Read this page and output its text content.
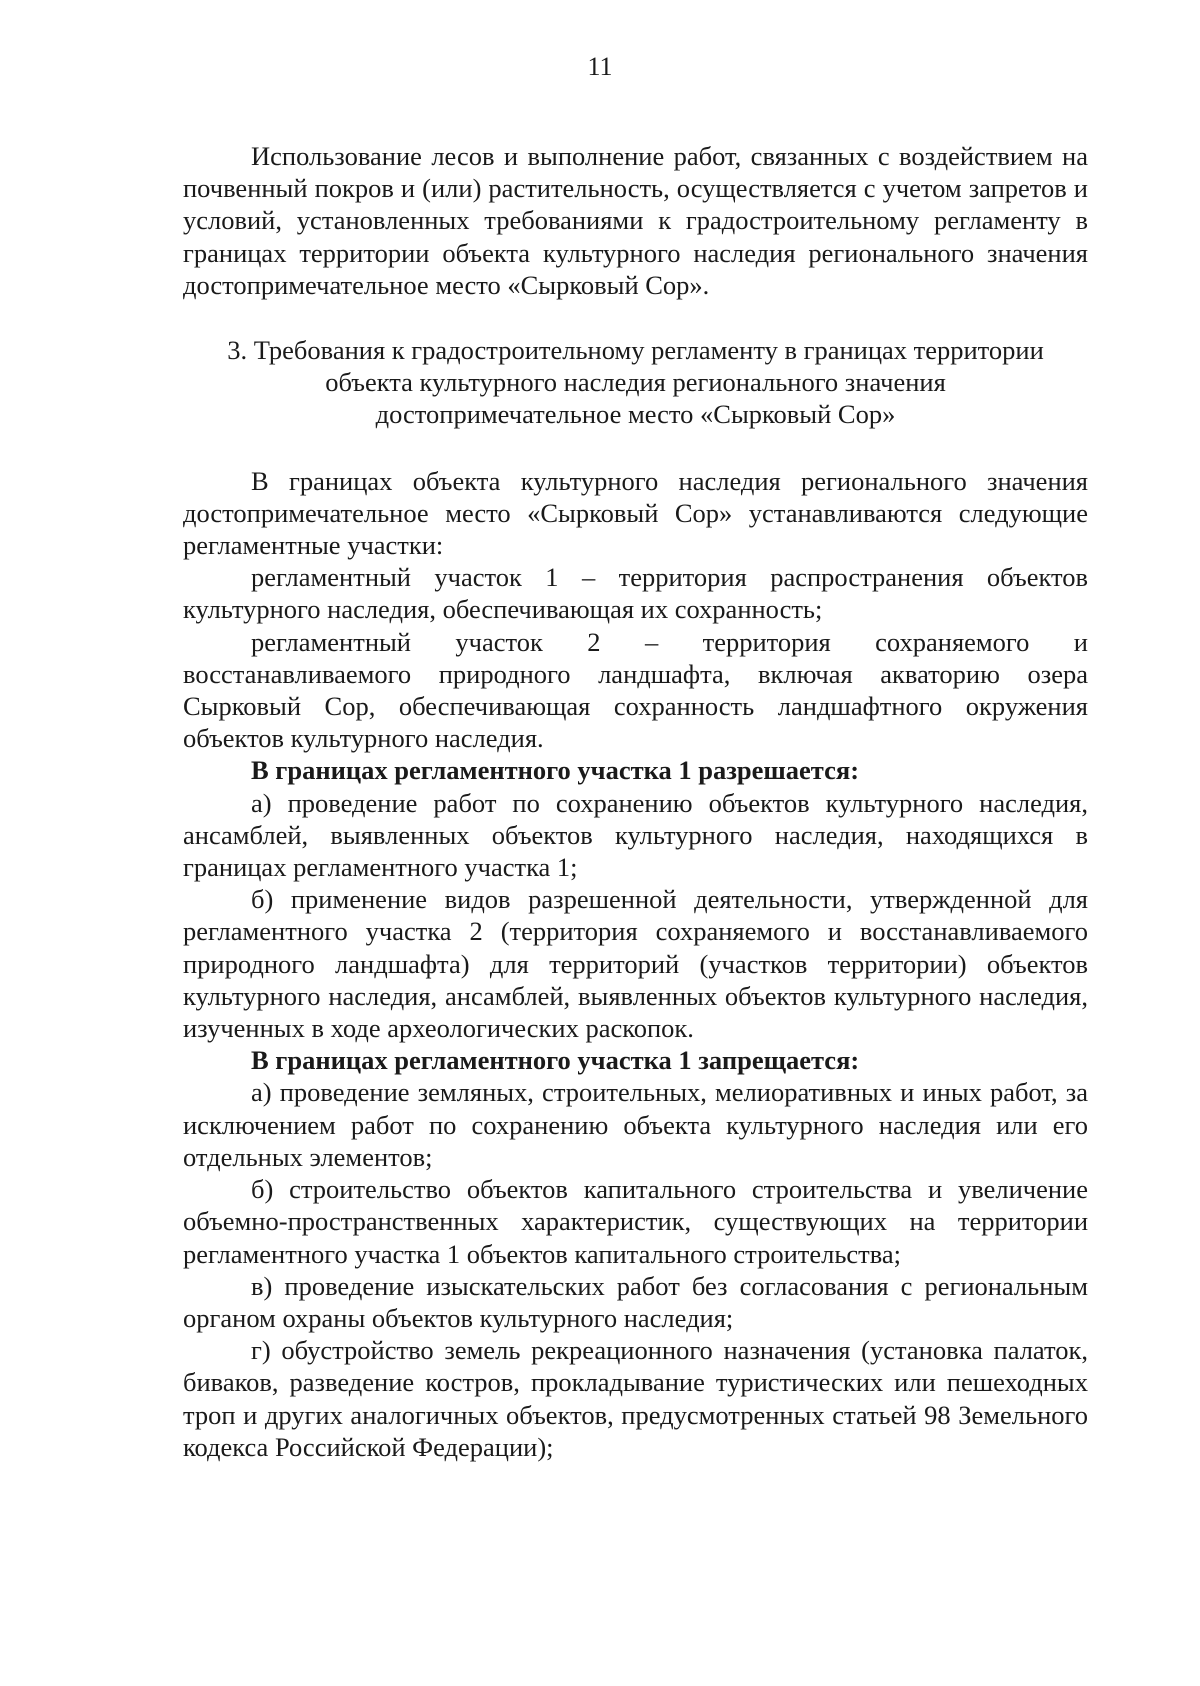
11

Использование лесов и выполнение работ, связанных с воздействием на почвенный покров и (или) растительность, осуществляется с учетом запретов и условий, установленных требованиями к градостроительному регламенту в границах территории объекта культурного наследия регионального значения достопримечательное место «Сырковый Сор».

3. Требования к градостроительному регламенту в границах территории
объекта культурного наследия регионального значения
достопримечательное место «Сырковый Сор»

В границах объекта культурного наследия регионального значения достопримечательное место «Сырковый Сор» устанавливаются следующие регламентные участки:

регламентный участок 1 – территория распространения объектов культурного наследия, обеспечивающая их сохранность;

регламентный участок 2 – территория сохраняемого и восстанавливаемого природного ландшафта, включая акваторию озера Сырковый Сор, обеспечивающая сохранность ландшафтного окружения объектов культурного наследия.

В границах регламентного участка 1 разрешается:

а) проведение работ по сохранению объектов культурного наследия, ансамблей, выявленных объектов культурного наследия, находящихся в границах регламентного участка 1;

б) применение видов разрешенной деятельности, утвержденной для регламентного участка 2 (территория сохраняемого и восстанавливаемого природного ландшафта) для территорий (участков территории) объектов культурного наследия, ансамблей, выявленных объектов культурного наследия, изученных в ходе археологических раскопок.

В границах регламентного участка 1 запрещается:

а) проведение земляных, строительных, мелиоративных и иных работ, за исключением работ по сохранению объекта культурного наследия или его отдельных элементов;

б) строительство объектов капитального строительства и увеличение объемно-пространственных характеристик, существующих на территории регламентного участка 1 объектов капитального строительства;

в) проведение изыскательских работ без согласования с региональным органом охраны объектов культурного наследия;

г) обустройство земель рекреационного назначения (установка палаток, биваков, разведение костров, прокладывание туристических или пешеходных троп и других аналогичных объектов, предусмотренных статьей 98 Земельного кодекса Российской Федерации);
